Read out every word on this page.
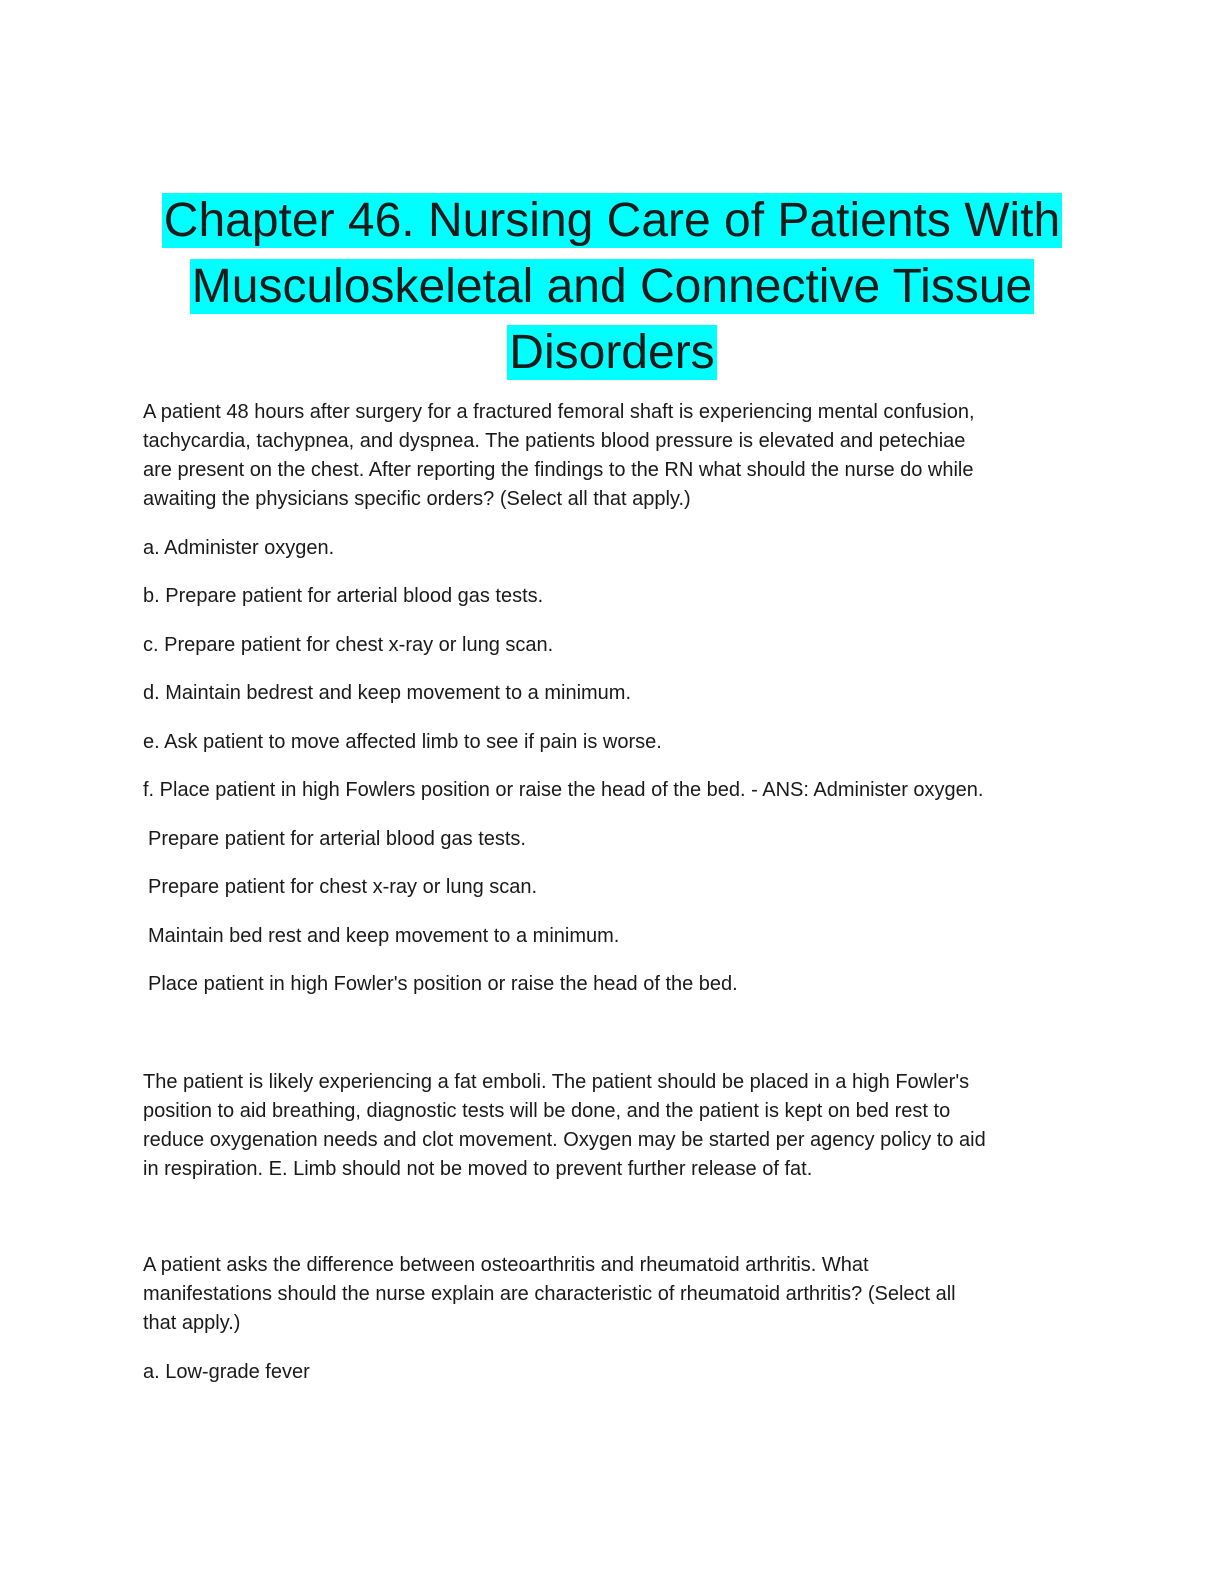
Chapter 46. Nursing Care of Patients With
Musculoskeletal and Connective Tissue
Disorders

A patient 48 hours after surgery for a fractured femoral shaft is experiencing mental confusion,
tachycardia, tachypnea, and dyspnea. The patients blood pressure is elevated and petechiae
are present on the chest. After reporting the findings to the RN what should the nurse do while
awaiting the physicians specific orders? (Select all that apply.)

a. Administer oxygen.

b. Prepare patient for arterial blood gas tests.

c. Prepare patient for chest x-ray or lung scan.

d. Maintain bedrest and keep movement to a minimum.

e. Ask patient to move affected limb to see if pain is worse.

f. Place patient in high Fowlers position or raise the head of the bed. - ANS: Administer oxygen.

Prepare patient for arterial blood gas tests.

Prepare patient for chest x-ray or lung scan.

Maintain bed rest and keep movement to a minimum.

Place patient in high Fowler's position or raise the head of the bed.

The patient is likely experiencing a fat emboli. The patient should be placed in a high Fowler's
position to aid breathing, diagnostic tests will be done, and the patient is kept on bed rest to
reduce oxygenation needs and clot movement. Oxygen may be started per agency policy to aid
in respiration. E. Limb should not be moved to prevent further release of fat.

A patient asks the difference between osteoarthritis and rheumatoid arthritis. What
manifestations should the nurse explain are characteristic of rheumatoid arthritis? (Select all
that apply.)

a. Low-grade fever
